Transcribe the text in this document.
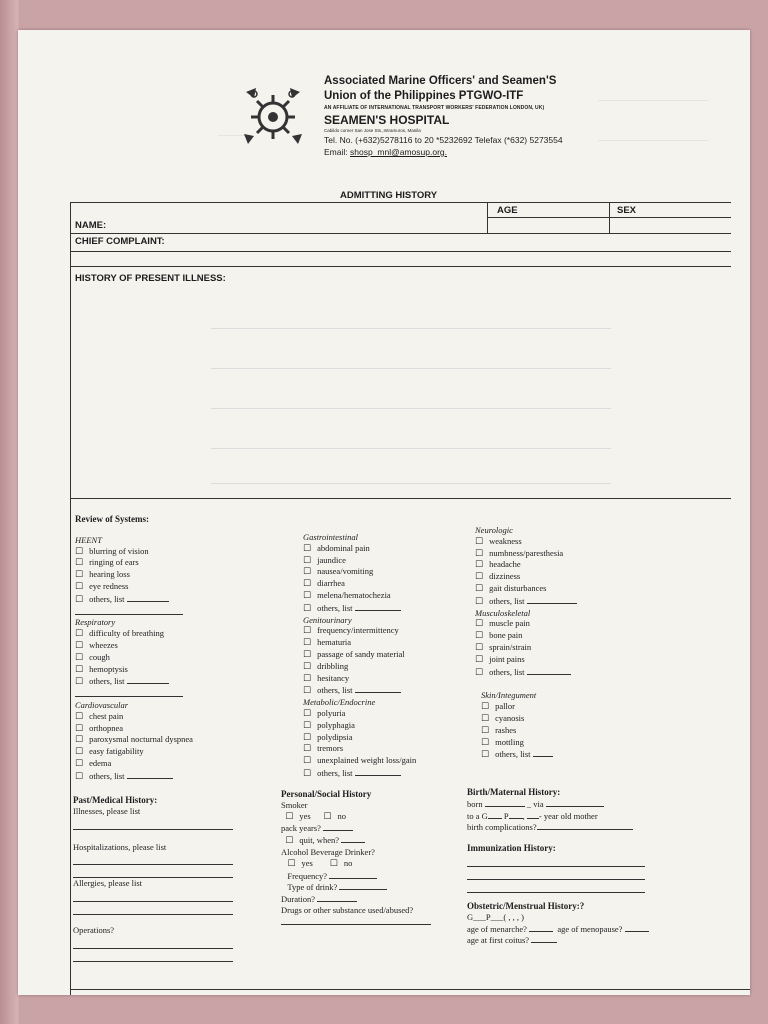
Associated Marine Officers' and Seamen'S
Union of the Philippines PTGWO-ITF
AN AFFILIATE OF INTERNATIONAL TRANSPORT WORKERS' FEDERATION LONDON, UK)
SEAMEN'S HOSPITAL
Cabildo corner San Jose Sts.,Intramuros, Manila
Tel. No. (+632)5278116 to 20 *5232692 Telefax (*632) 5273554
Email: shosp_mnl@amosup.org.
ADMITTING HISTORY
AGE	SEX
NAME:
CHIEF COMPLAINT:
HISTORY OF PRESENT ILLNESS:
Review of Systems:
HEENT
☐ blurring of vision
☐ ringing of ears
☐ hearing loss
☐ eye redness
☐ others, list
Respiratory
☐ difficulty of breathing
☐ wheezes
☐ cough
☐ hemoptysis
☐ others, list
Cardiovascular
☐ chest pain
☐ orthopnea
☐ paroxysmal nocturnal dyspnea
☐ easy fatigability
☐ edema
☐ others, list
Gastrointestinal
☐ abdominal pain
☐ jaundice
☐ nausea/vomiting
☐ diarrhea
☐ melena/hematochezia
☐ others, list
Genitourinary
☐ frequency/intermittency
☐ hematuria
☐ passage of sandy material
☐ dribbling
☐ hesitancy
☐ others, list
Metabolic/Endocrine
☐ polyuria
☐ polyphagia
☐ polydipsia
☐ tremors
☐ unexplained weight loss/gain
☐ others, list
Neurologic
☐ weakness
☐ numbness/paresthesia
☐ headache
☐ dizziness
☐ gait disturbances
☐ others, list
Musculoskeletal
☐ muscle pain
☐ bone pain
☐ sprain/strain
☐ joint pains
☐ others, list
Skin/Integument
☐ pallor
☐ cyanosis
☐ rashes
☐ mottling
☐ others, list
Past/Medical History:
Illnesses, please list
Hospitalizations, please list
Allergies, please list
Operations?
Personal/Social History
Smoker
☐ yes	☐ no
pack years?
☐ quit, when?
Alcohol Beverage Drinker?
☐ yes	☐ no
Frequency?
Type of drink?
Duration?
Drugs or other substance used/abused?
Birth/Maternal History:
born	_ via
to a G P , - year old mother
birth complications?
Immunization History:
Obstetric/Menstrual History:?
G___P___( , , , )
age of menarche?	age of menopause?
age at first coitus?
